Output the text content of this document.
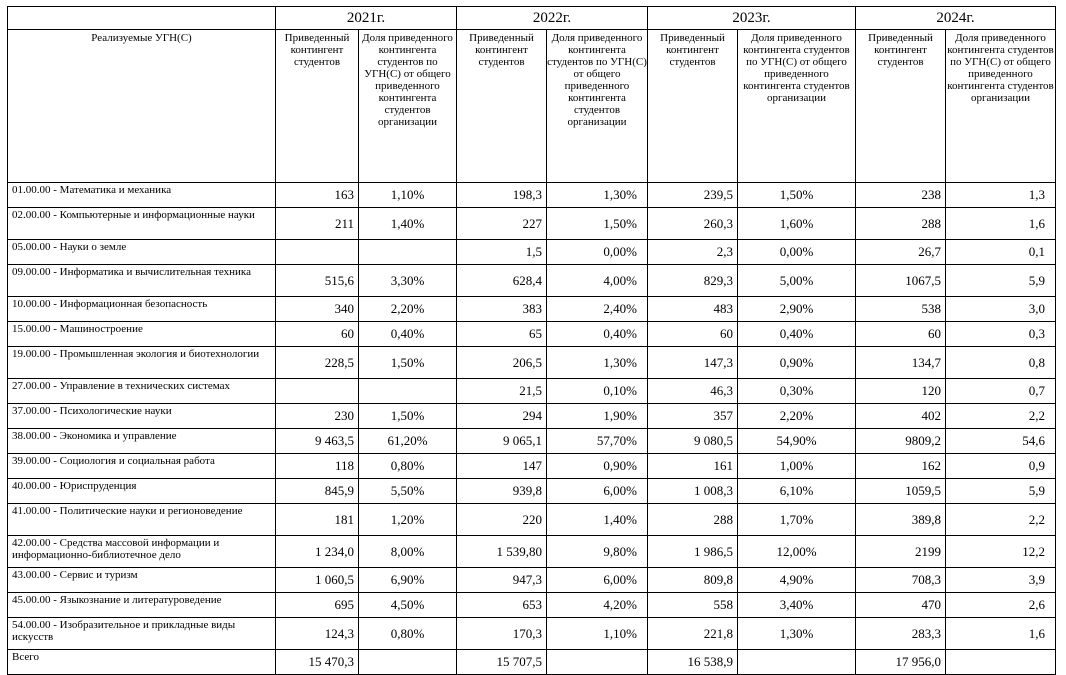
	2021г.		2022г.		2023г.		2024г.	
Реализуемые УГН(С)	Приведенный контингент студентов	Доля приведенного контингента студентов по УГН(С) от общего приведенного контингента студентов организации	Приведенный контингент студентов	Доля приведенного контингента студентов по УГН(С) от общего приведенного контингента студентов организации	Приведенный контингент студентов	Доля приведенного контингента студентов по УГН(С) от общего приведенного контингента студентов организации	Приведенный контингент студентов	Доля приведенного контингента студентов по УГН(С) от общего приведенного контингента студентов организации
01.00.00 - Математика и механика	163	1,10%	198,3	1,30%	239,5	1,50%	238	1,3
02.00.00 - Компьютерные и информационные науки	211	1,40%	227	1,50%	260,3	1,60%	288	1,6
05.00.00 - Науки о земле			1,5	0,00%	2,3	0,00%	26,7	0,1
09.00.00 - Информатика и вычислительная техника	515,6	3,30%	628,4	4,00%	829,3	5,00%	1067,5	5,9
10.00.00 - Информационная безопасность	340	2,20%	383	2,40%	483	2,90%	538	3,0
15.00.00 - Машиностроение	60	0,40%	65	0,40%	60	0,40%	60	0,3
19.00.00 - Промышленная экология и биотехнологии	228,5	1,50%	206,5	1,30%	147,3	0,90%	134,7	0,8
27.00.00 - Управление в технических системах			21,5	0,10%	46,3	0,30%	120	0,7
37.00.00 - Психологические науки	230	1,50%	294	1,90%	357	2,20%	402	2,2
38.00.00 - Экономика и управление	9 463,5	61,20%	9 065,1	57,70%	9 080,5	54,90%	9809,2	54,6
39.00.00 - Социология и социальная работа	118	0,80%	147	0,90%	161	1,00%	162	0,9
40.00.00 - Юриспруденция	845,9	5,50%	939,8	6,00%	1 008,3	6,10%	1059,5	5,9
41.00.00 - Политические науки и регионоведение	181	1,20%	220	1,40%	288	1,70%	389,8	2,2
42.00.00 - Средства массовой информации и информационно-библиотечное дело	1 234,0	8,00%	1 539,80	9,80%	1 986,5	12,00%	2199	12,2
43.00.00 - Сервис и туризм	1 060,5	6,90%	947,3	6,00%	809,8	4,90%	708,3	3,9
45.00.00 - Языкознание и литературоведение	695	4,50%	653	4,20%	558	3,40%	470	2,6
54.00.00 - Изобразительное и прикладные виды искусств	124,3	0,80%	170,3	1,10%	221,8	1,30%	283,3	1,6
Всего	15 470,3		15 707,5		16 538,9		17 956,0	
